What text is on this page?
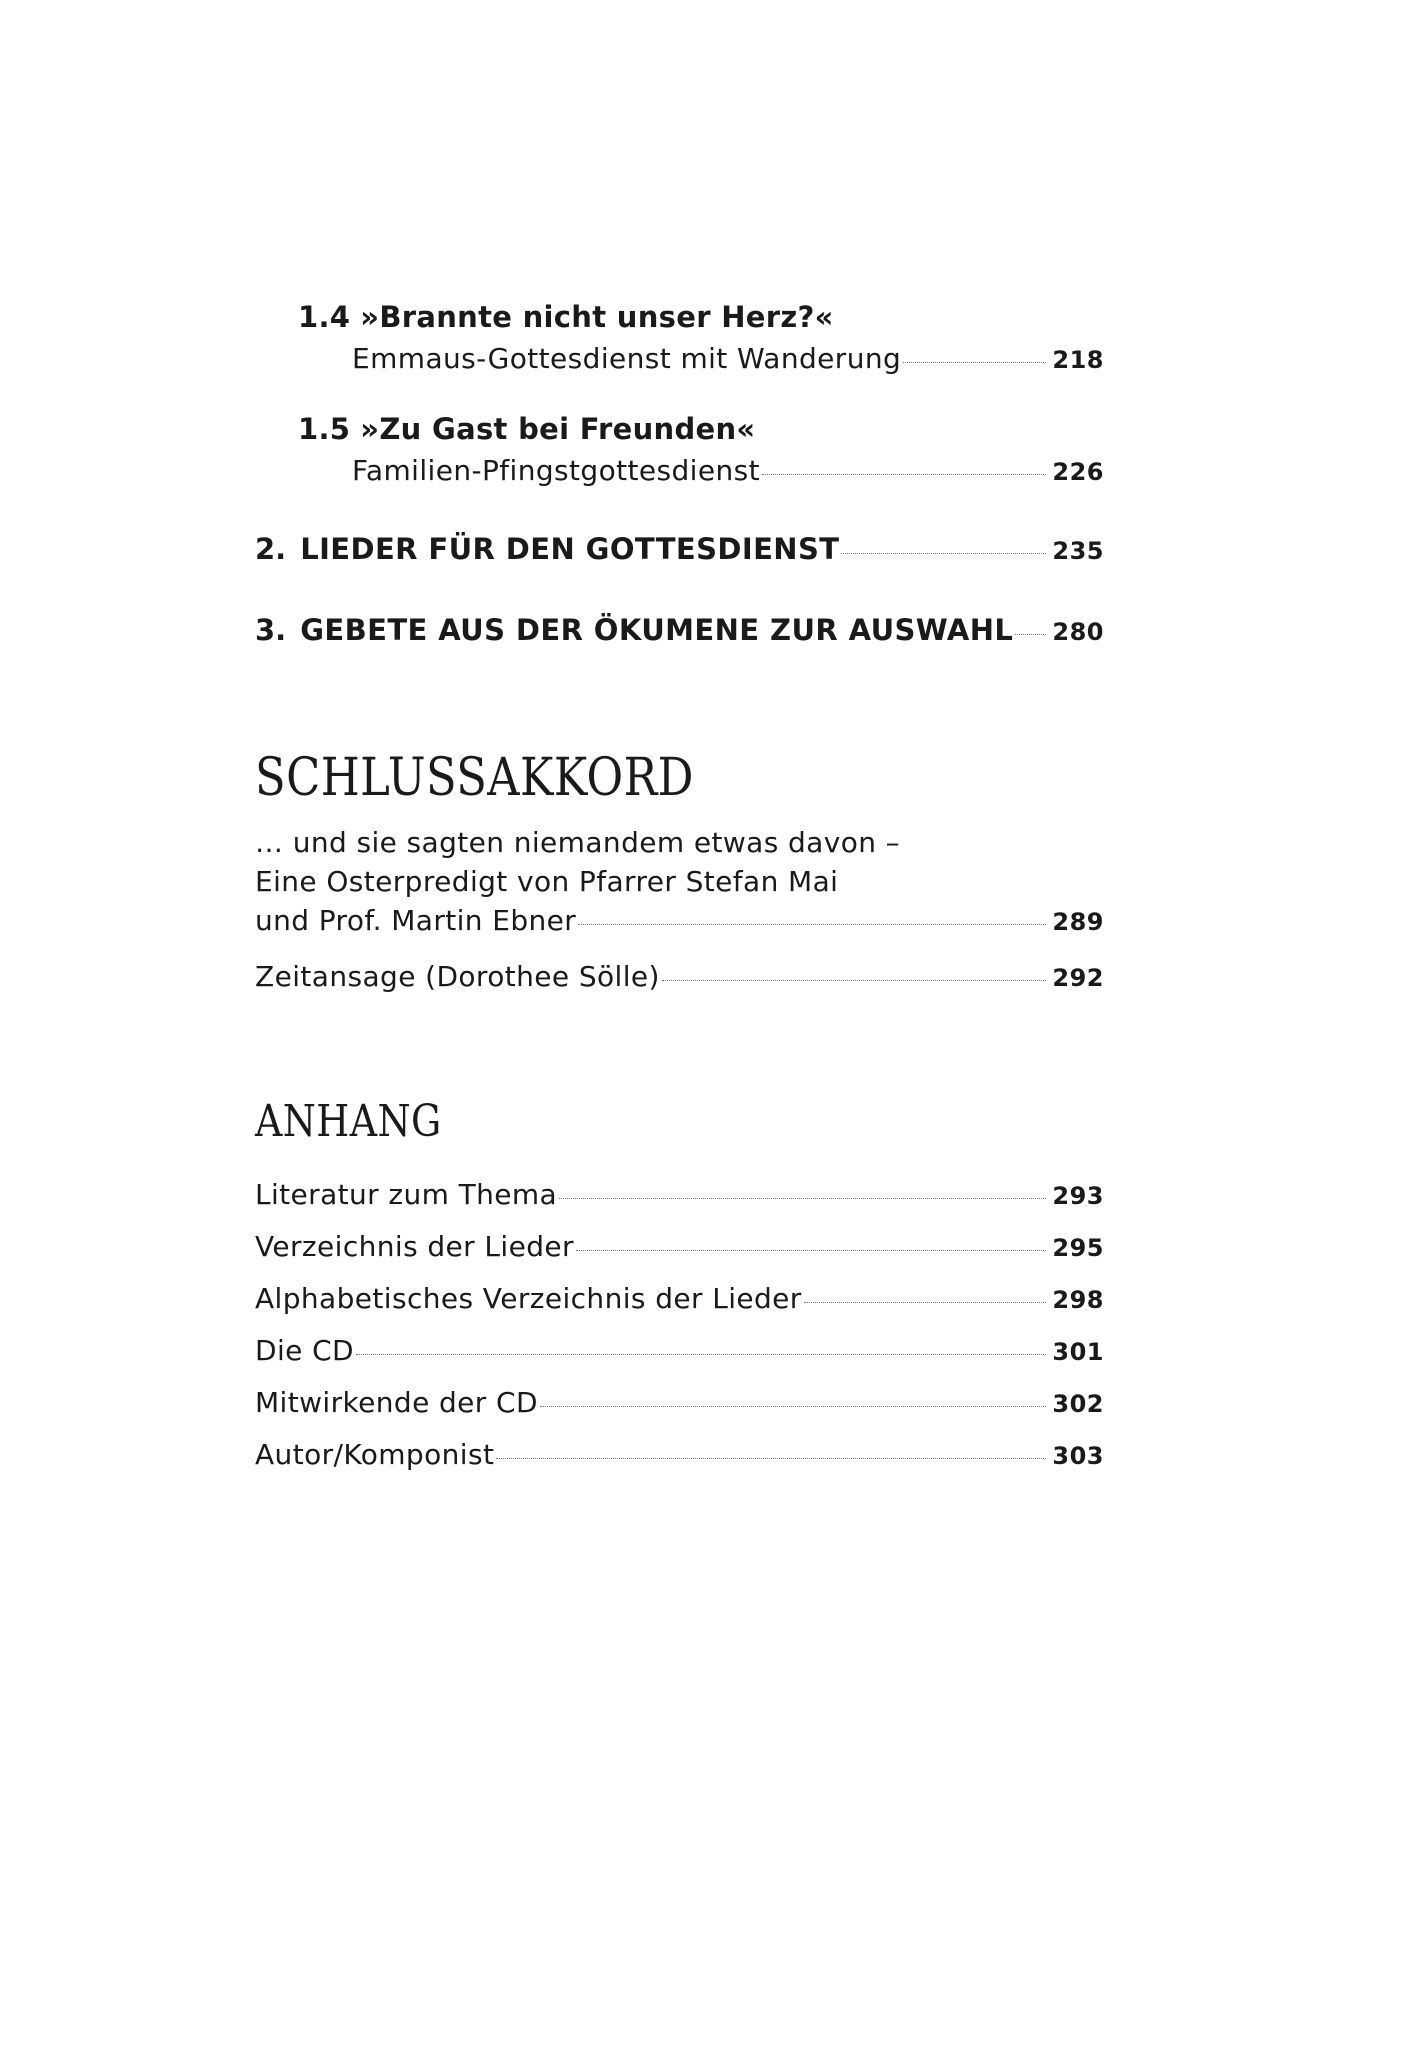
1.4 »Brannte nicht unser Herz?«
Emmaus-Gottesdienst mit Wanderung	218
1.5 »Zu Gast bei Freunden«
Familien-Pfingstgottesdienst	226
2. LIEDER FÜR DEN GOTTESDIENST	235
3. GEBETE AUS DER ÖKUMENE ZUR AUSWAHL 280
SCHLUSSAKKORD
… und sie sagten niemandem etwas davon –
Eine Osterpredigt von Pfarrer Stefan Mai
und Prof. Martin Ebner	289
Zeitansage (Dorothee Sölle)	292
ANHANG
Literatur zum Thema	293
Verzeichnis der Lieder	295
Alphabetisches Verzeichnis der Lieder	298
Die CD	301
Mitwirkende der CD	302
Autor/Komponist	303
